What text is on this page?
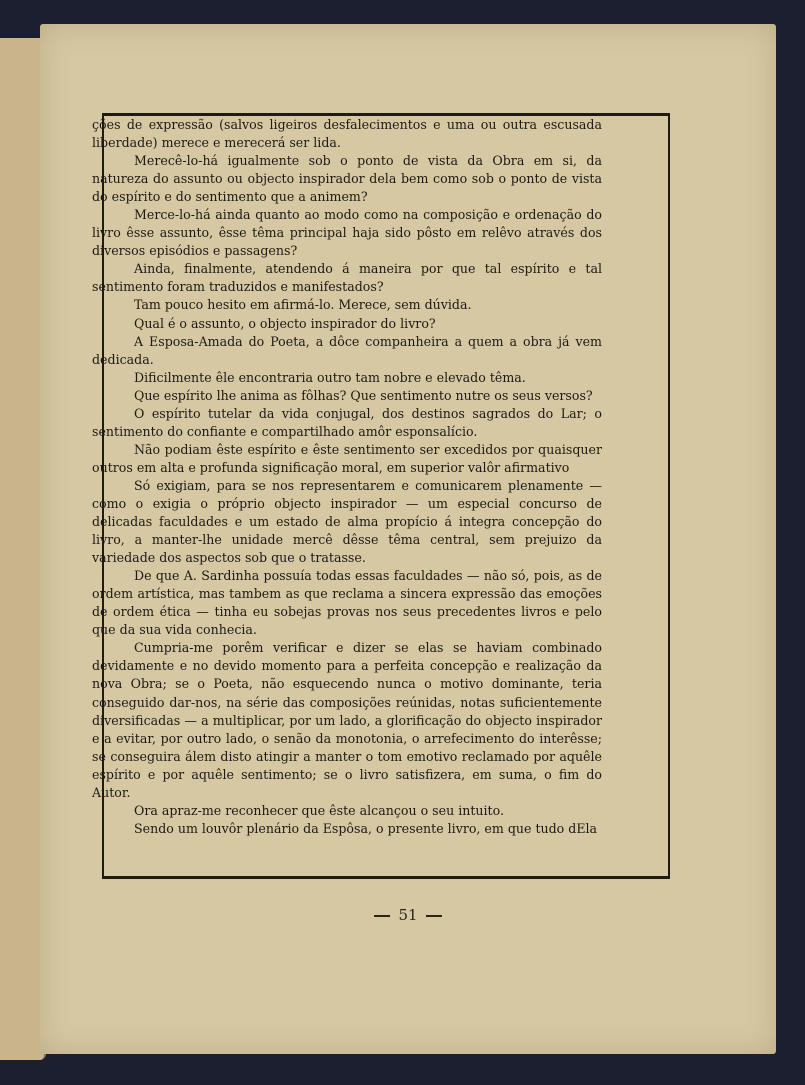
51

ções de expressão (salvos ligeiros desfalecimentos e uma ou outra escusada liberdade) merece e merecerá ser lida.

Merecê-lo-há igualmente sob o ponto de vista da Obra em si, da natureza do assunto ou objecto inspirador dela bem como sob o ponto de vista do espírito e do sentimento que a animem?

Merce-lo-há ainda quanto ao modo como na composição e ordenação do livro êsse assunto, êsse têma principal haja sido pôsto em relêvo através dos diversos episódios e passagens?

Ainda, finalmente, atendendo á maneira por que tal espírito e tal sentimento foram traduzidos e manifestados?

Tam pouco hesito em afirmá-lo. Merece, sem dúvida.

Qual é o assunto, o objecto inspirador do livro?

A Esposa-Amada do Poeta, a dôce companheira a quem a obra já vem dedicada.

Dificilmente êle encontraria outro tam nobre e elevado têma.

Que espírito lhe anima as fôlhas? Que sentimento nutre os seus versos?

O espírito tutelar da vida conjugal, dos destinos sagrados do Lar; o sentimento do confiante e compartilhado amôr esponsalício.

Não podiam êste espírito e êste sentimento ser excedidos por quaisquer outros em alta e profunda significação moral, em superior valôr afirmativo

Só exigiam, para se nos representarem e comunicarem plenamente — como o exigia o próprio objecto inspirador — um especial concurso de delicadas faculdades e um estado de alma propício á integra concepção do livro, a manter-lhe unidade mercê dêsse têma central, sem prejuizo da variedade dos aspectos sob que o tratasse.

De que A. Sardinha possuía todas essas faculdades — não só, pois, as de ordem artística, mas tambem as que reclama a sincera expressão das emoções de ordem ética — tinha eu sobejas provas nos seus precedentes livros e pelo que da sua vida conhecia.

Cumpria-me porêm verificar e dizer se elas se haviam combinado devidamente e no devido momento para a perfeita concepção e realização da nova Obra; se o Poeta, não esquecendo nunca o motivo dominante, teria conseguido dar-nos, na série das composições reúnidas, notas suficientemente diversificadas — a multiplicar, por um lado, a glorificação do objecto inspirador e a evitar, por outro lado, o senão da monotonia, o arrefecimento do interêsse; se conseguira álem disto atingir a manter o tom emotivo reclamado por aquêle espírito e por aquêle sentimento; se o livro satisfizera, em suma, o fim do Autor.

Ora apraz-me reconhecer que êste alcançou o seu intuito.

Sendo um louvôr plenário da Espôsa, o presente livro, em que tudo dEla
